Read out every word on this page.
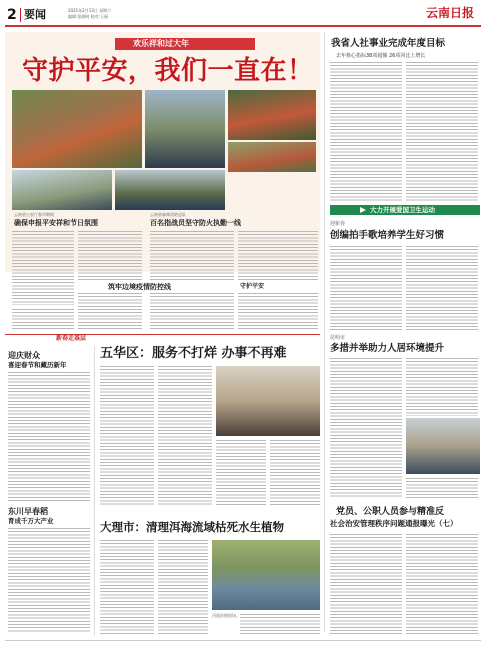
2 要闻	2021年2月13日 星期六
编辑:张晓明 校对:王丽	云南日报
欢乐祥和过大年
守护平安，我们一直在！
云南省公安厅春节期间
确保申报平安祥和节日氛围
云南省森林消防总队
百名指战员坚守防火执勤一线
筑牢边境疫情防控线	守护平安
我省人社事业完成年度目标
去年核心指标38项超额 26项同比上增长
大力开展爱国卫生运动
迎新春
创编拍手歌培养学生好习惯
昆明市
多措并举助力人居环境提升
党员、公职人员参与精准反
社会治安管理秩序问题通报曝光（七）
新春走基层
迎庆财众
喜迎春节和藏历新年
东川早春稻
育成千万大产业
五华区：服务不打烊 办事不再难
大理市：清理洱海流域枯死水生植物
河道治理现场。
